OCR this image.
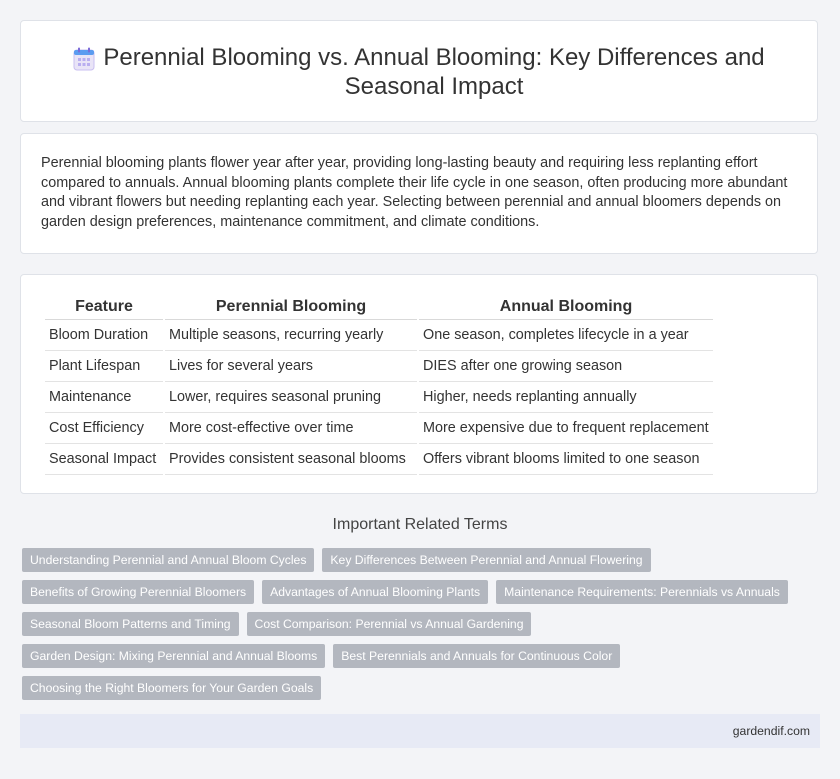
Perennial Blooming vs. Annual Blooming: Key Differences and Seasonal Impact

Perennial blooming plants flower year after year, providing long-lasting beauty and requiring less replanting effort compared to annuals. Annual blooming plants complete their life cycle in one season, often producing more abundant and vibrant flowers but needing replanting each year. Selecting between perennial and annual bloomers depends on garden design preferences, maintenance commitment, and climate conditions.

Feature	Perennial Blooming	Annual Blooming
Bloom Duration	Multiple seasons, recurring yearly	One season, completes lifecycle in a year
Plant Lifespan	Lives for several years	DIES after one growing season
Maintenance	Lower, requires seasonal pruning	Higher, needs replanting annually
Cost Efficiency	More cost-effective over time	More expensive due to frequent replacement
Seasonal Impact	Provides consistent seasonal blooms	Offers vibrant blooms limited to one season
Important Related Terms
Understanding Perennial and Annual Bloom Cycles	Key Differences Between Perennial and Annual Flowering
Benefits of Growing Perennial Bloomers	Advantages of Annual Blooming Plants	Maintenance Requirements: Perennials vs Annuals
Seasonal Bloom Patterns and Timing	Cost Comparison: Perennial vs Annual Gardening
Garden Design: Mixing Perennial and Annual Blooms	Best Perennials and Annuals for Continuous Color
Choosing the Right Bloomers for Your Garden Goals
gardendif.com
